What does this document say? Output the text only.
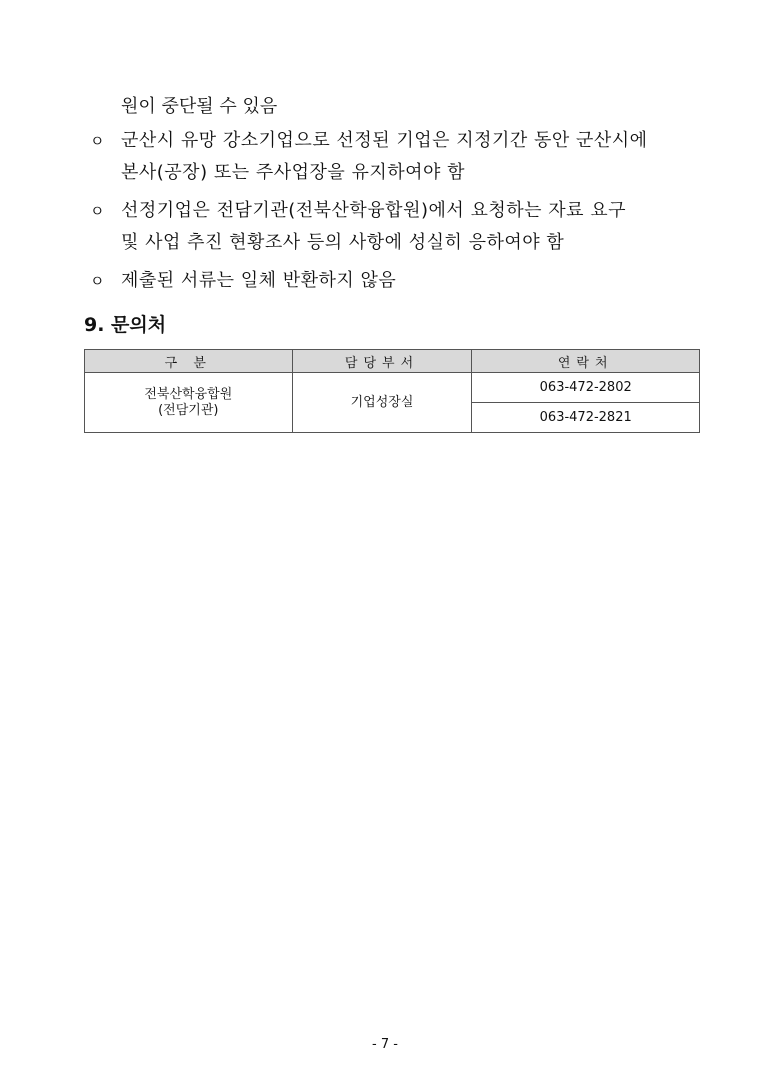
원이 중단될 수 있음
ㅇ 군산시 유망 강소기업으로 선정된 기업은 지정기간 동안 군산시에
본사(공장) 또는 주사업장을 유지하여야 함
ㅇ 선정기업은 전담기관(전북산학융합원)에서 요청하는 자료 요구
및 사업 추진 현황조사 등의 사항에 성실히 응하여야 함
ㅇ 제출된 서류는 일체 반환하지 않음
9. 문의처
구 분	담당부서	연락처

전북산학융합원
(전담기관)	기업성장실	063-472-2802
		063-472-2821
- 7 -
